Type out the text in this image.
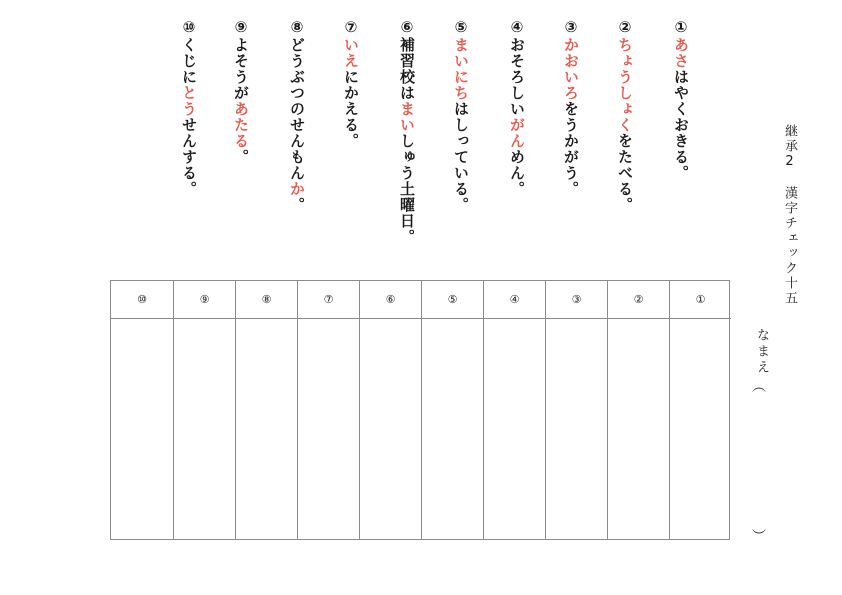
継承2　漢字チェック十五
なまえ
︵
︶
①あさはやくおきる。
②ちょうしょくをたべる。
③かおいろをうかがう。
④おそろしいがんめん。
⑤まいにちはしっている。
⑥補習校はまいしゅう土曜日。
⑦いえにかえる。
⑧どうぶつのせんもんか。
⑨よそうがあたる。
⑩くじにとうせんする。
⑩	⑨	⑧	⑦	⑥	⑤	④	③	②	①
